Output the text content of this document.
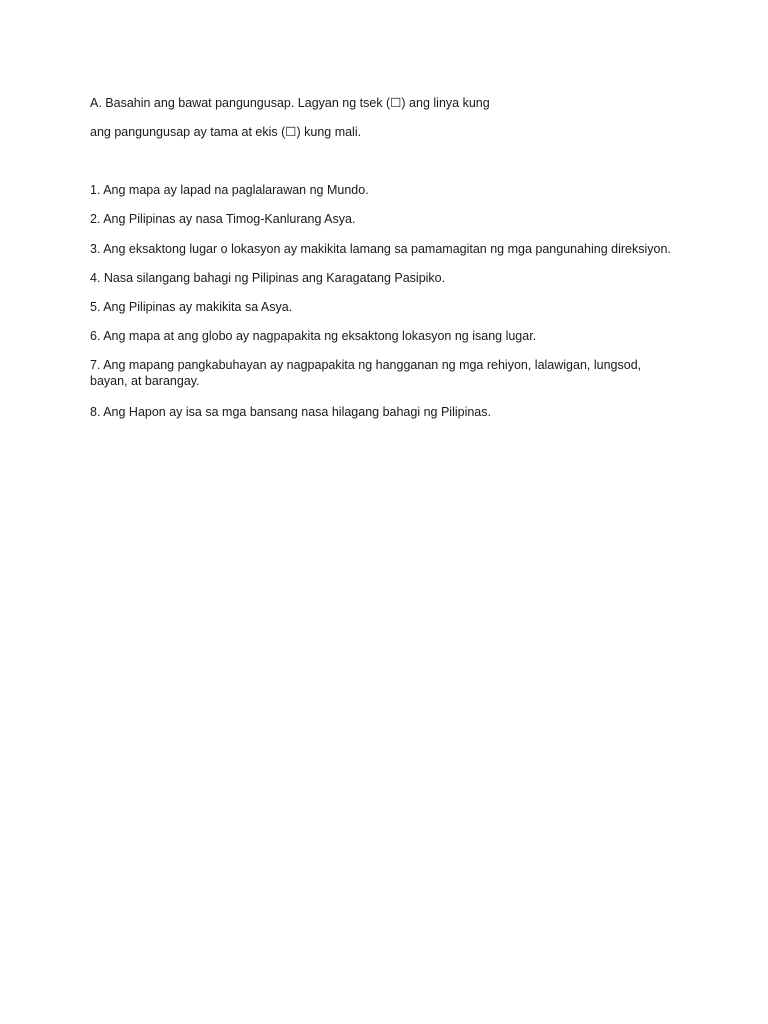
A. Basahin ang bawat pangungusap. Lagyan ng tsek (☐) ang linya kung
ang pangungusap ay tama at ekis (☐) kung mali.
1. Ang mapa ay lapad na paglalarawan ng Mundo.
2. Ang Pilipinas ay nasa Timog-Kanlurang Asya.
3. Ang eksaktong lugar o lokasyon ay makikita lamang sa pamamagitan ng mga pangunahing direksiyon.
4. Nasa silangang bahagi ng Pilipinas ang Karagatang Pasipiko.
5. Ang Pilipinas ay makikita sa Asya.
6. Ang mapa at ang globo ay nagpapakita ng eksaktong lokasyon ng isang lugar.
7. Ang mapang pangkabuhayan ay nagpapakita ng hangganan ng mga rehiyon, lalawigan, lungsod, bayan, at barangay.
8. Ang Hapon ay isa sa mga bansang nasa hilagang bahagi ng Pilipinas.
